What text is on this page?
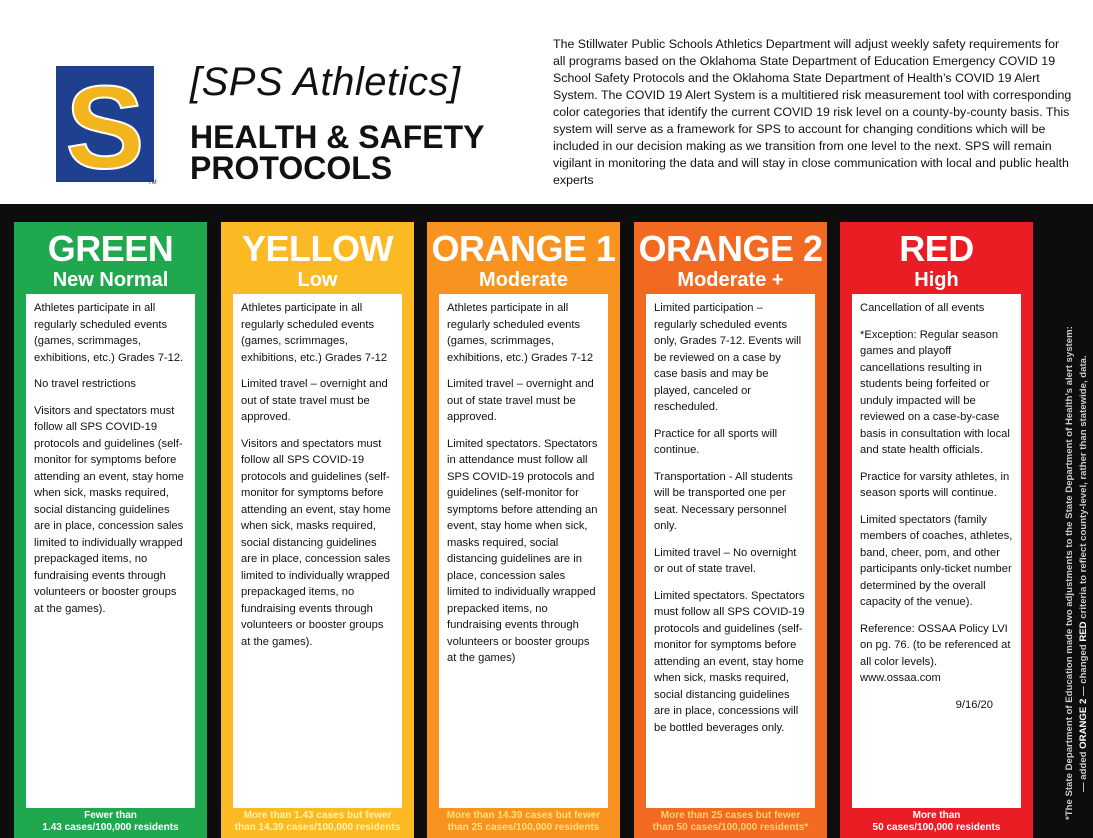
S TM
[SPS Athletics]
HEALTH & SAFETY
PROTOCOLS
The Stillwater Public Schools Athletics Department will adjust weekly safety requirements for all programs based on the Oklahoma State Department of Education Emergency COVID 19 School Safety Protocols and the Oklahoma State Department of Health’s COVID 19 Alert System. The COVID 19 Alert System is a multitiered risk measurement tool with corresponding color categories that identify the current COVID 19 risk level on a county-by-county basis. This system will serve as a framework for SPS to account for changing conditions which will be included in our decision making as we transition from one level to the next. SPS will remain vigilant in monitoring the data and will stay in close communication with local and public health experts
GREEN
New Normal

Athletes participate in all regularly scheduled events (games, scrimmages, exhibitions, etc.) Grades 7-12.

No travel restrictions

Visitors and spectators must follow all SPS COVID-19 protocols and guidelines (self-monitor for symptoms before attending an event, stay home when sick, masks required, social distancing guidelines are in place, concession sales limited to individually wrapped prepackaged items, no fundraising events through volunteers or booster groups at the games).

Fewer than
1.43 cases/100,000 residents
YELLOW
Low

Athletes participate in all regularly scheduled events (games, scrimmages, exhibitions, etc.) Grades 7-12

Limited travel – overnight and out of state travel must be approved.

Visitors and spectators must follow all SPS COVID-19 protocols and guidelines (self-monitor for symptoms before attending an event, stay home when sick, masks required, social distancing guidelines are in place, concession sales limited to individually wrapped prepackaged items, no fundraising events through volunteers or booster groups at the games).

More than 1.43 cases but fewer
than 14.39 cases/100,000 residents
ORANGE 1
Moderate

Athletes participate in all regularly scheduled events (games, scrimmages, exhibitions, etc.) Grades 7-12

Limited travel – overnight and out of state travel must be approved.

Limited spectators. Spectators in attendance must follow all SPS COVID-19 protocols and guidelines (self-monitor for symptoms before attending an event, stay home when sick, masks required, social distancing guidelines are in place, concession sales limited to individually wrapped prepacked items, no fundraising events through volunteers or booster groups at the games)

More than 14.39 cases but fewer
than 25 cases/100,000 residents
ORANGE 2
Moderate +

Limited participation – regularly scheduled events only, Grades 7-12. Events will be reviewed on a case by case basis and may be played, canceled or rescheduled.

Practice for all sports will continue.

Transportation - All students will be transported one per seat. Necessary personnel only.

Limited travel – No overnight or out of state travel.

Limited spectators. Spectators must follow all SPS COVID-19 protocols and guidelines (self-monitor for symptoms before attending an event, stay home when sick, masks required, social distancing guidelines are in place, concessions will be bottled beverages only.

More than 25 cases but fewer
than 50 cases/100,000 residents*
RED
High

Cancellation of all events

*Exception: Regular season games and playoff cancellations resulting in students being forfeited or unduly impacted will be reviewed on a case-by-case basis in consultation with local and state health officials.

Practice for varsity athletes, in season sports will continue.

Limited spectators (family members of coaches, athletes, band, cheer, pom, and other participants only-ticket number determined by the overall capacity of the venue).

Reference: OSSAA Policy LVI on pg. 76. (to be referenced at all color levels). www.ossaa.com

9/16/20
More than
50 cases/100,000 residents
*The State Department of Education made two adjustments to the State Department of Health’s alert system: — added ORANGE 2 — changed RED criteria to reflect county-level, rather than statewide, data.
